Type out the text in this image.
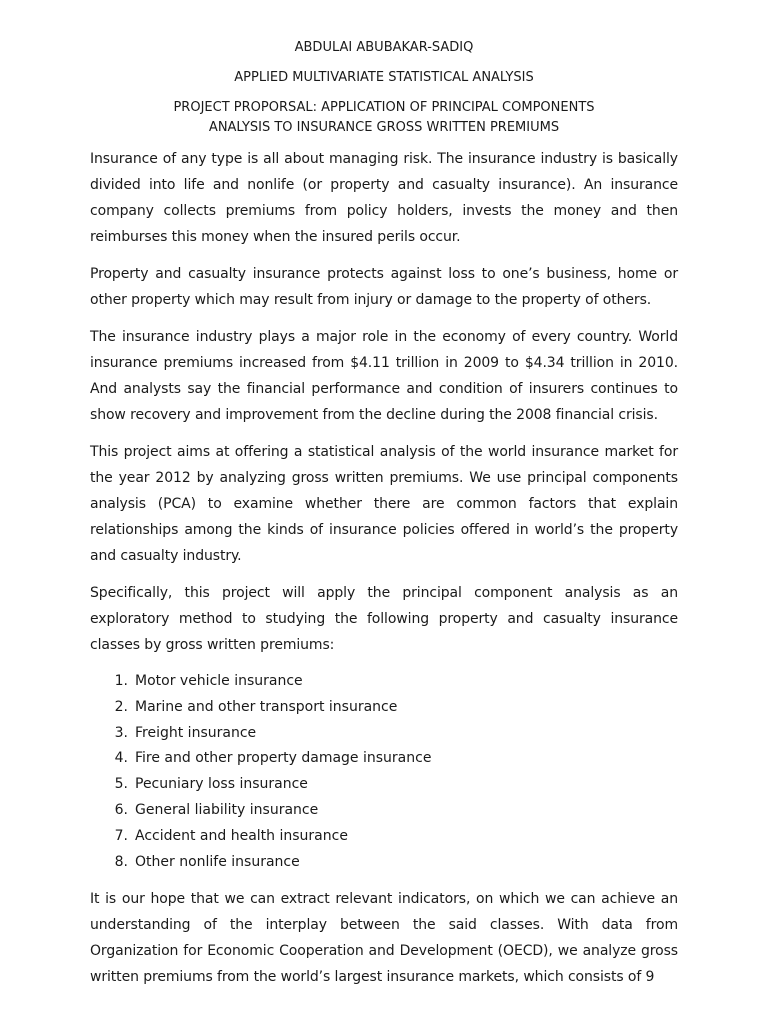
ABDULAI ABUBAKAR-SADIQ

APPLIED MULTIVARIATE STATISTICAL ANALYSIS

PROJECT PROPORSAL: APPLICATION OF PRINCIPAL COMPONENTS

ANALYSIS TO INSURANCE GROSS WRITTEN PREMIUMS

Insurance of any type is all about managing risk. The insurance industry is basically divided into life and nonlife (or property and casualty insurance). An insurance company collects premiums from policy holders, invests the money and then reimburses this money when the insured perils occur.

Property and casualty insurance protects against loss to one’s business, home or other property which may result from injury or damage to the property of others.

The insurance industry plays a major role in the economy of every country. World insurance premiums increased from $4.11 trillion in 2009 to $4.34 trillion in 2010. And analysts say the financial performance and condition of insurers continues to show recovery and improvement from the decline during the 2008 financial crisis.

This project aims at offering a statistical analysis of the world insurance market for the year 2012 by analyzing gross written premiums. We use principal components analysis (PCA) to examine whether there are common factors that explain relationships among the kinds of insurance policies offered in world’s the property and casualty industry.

Specifically, this project will apply the principal component analysis as an exploratory method to studying the following property and casualty insurance classes by gross written premiums:

1. Motor vehicle insurance
2. Marine and other transport insurance
3. Freight insurance
4. Fire and other property damage insurance
5. Pecuniary loss insurance
6. General liability insurance
7. Accident and health insurance
8. Other nonlife insurance

It is our hope that we can extract relevant indicators, on which we can achieve an understanding of the interplay between the said classes. With data from Organization for Economic Cooperation and Development (OECD), we analyze gross written premiums from the world’s largest insurance markets, which consists of 9
